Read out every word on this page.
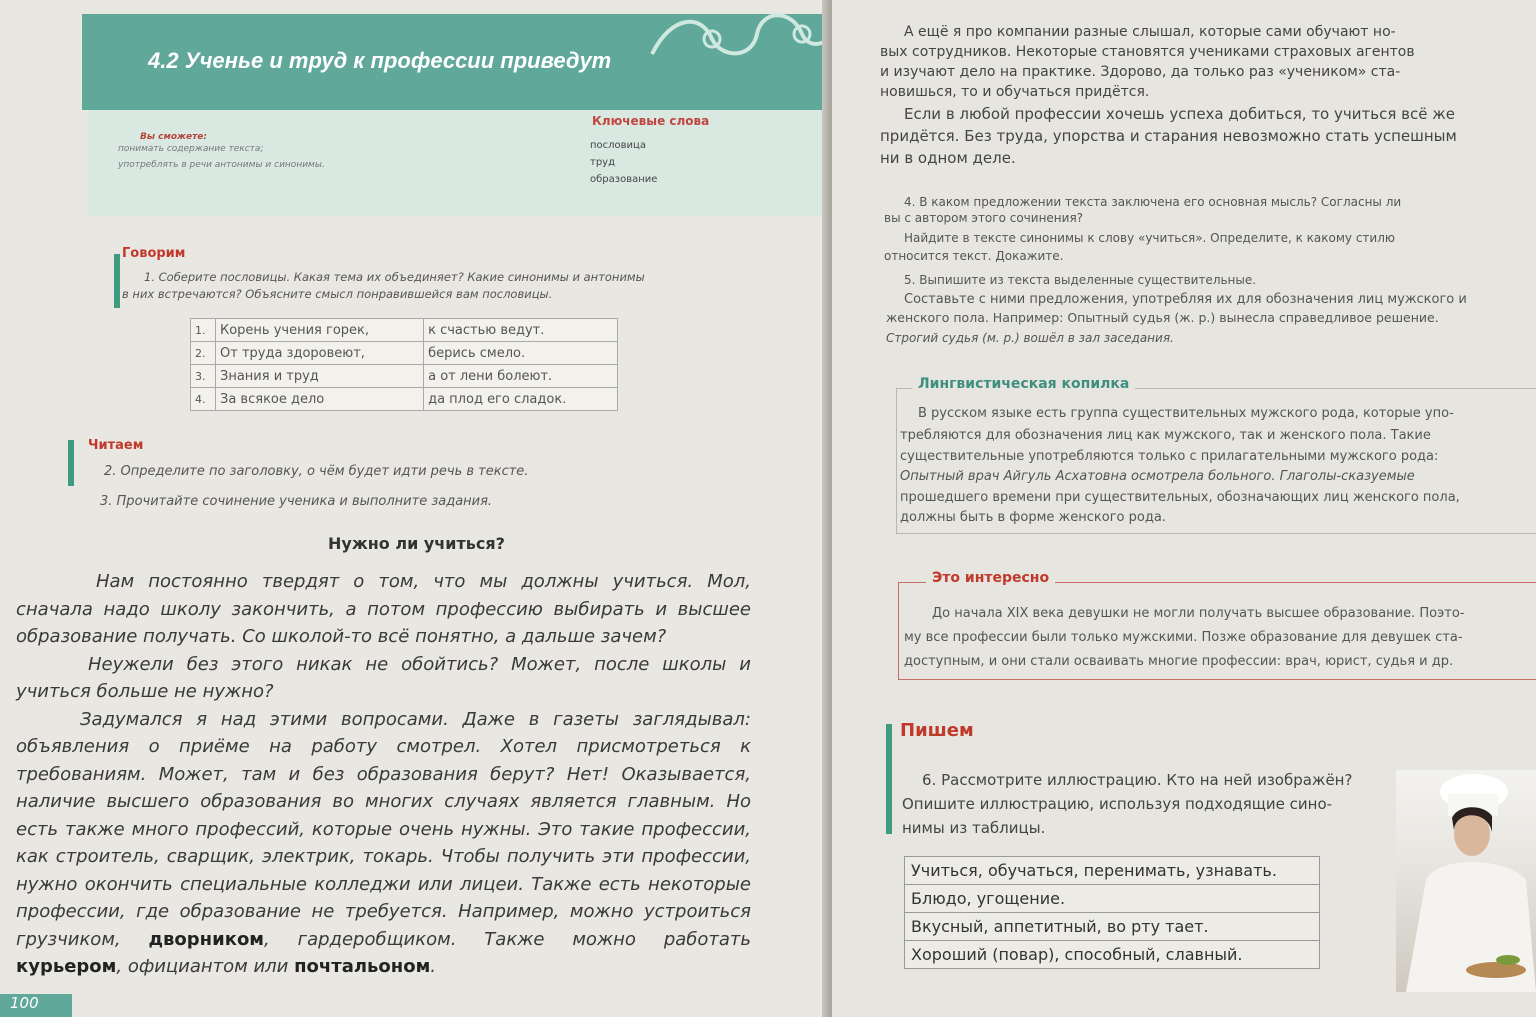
4.2 Ученье и труд к профессии приведут
Вы сможете:
понимать содержание текста;
употреблять в речи антонимы и синонимы.
Ключевые слова
пословица
труд
образование
Говорим
1. Соберите пословицы. Какая тема их объединяет? Какие синонимы и антонимы
в них встречаются? Объясните смысл понравившейся вам пословицы.
1.	Корень учения горек,	к счастью ведут.
2.	От труда здоровеют,	берись смело.
3.	Знания и труд	а от лени болеют.
4.	За всякое дело	да плод его сладок.
Читаем
2. Определите по заголовку, о чём будет идти речь в тексте.
3. Прочитайте сочинение ученика и выполните задания.
Нужно ли учиться?

Нам постоянно твердят о том, что мы должны учиться. Мол, сначала надо школу закончить, а потом профессию выбирать и высшее образование получать. Со школой-то всё понятно, а дальше зачем?

Неужели без этого никак не обойтись? Может, после школы и учиться больше не нужно?

Задумался я над этими вопросами. Даже в газеты заглядывал: объявления о приёме на работу смотрел. Хотел присмотреться к требованиям. Может, там и без образования берут? Нет! Оказывается, наличие высшего образования во многих случаях является главным. Но есть также много профессий, которые очень нужны. Это такие профессии, как строитель, сварщик, электрик, токарь. Чтобы получить эти профессии, нужно окончить специальные колледжи или лицеи. Также есть некоторые профессии, где образование не требуется. Например, можно устроиться грузчиком, дворником, гардеробщиком. Также можно работать курьером, официантом или почтальоном.

100
А ещё я про компании разные слышал, которые сами обучают но-
вых сотрудников. Некоторые становятся учениками страховых агентов
и изучают дело на практике. Здорово, да только раз «учеником» ста-
новишься, то и обучаться придётся.
Если в любой профессии хочешь успеха добиться, то учиться всё же
придётся. Без труда, упорства и старания невозможно стать успешным
ни в одном деле.
4. В каком предложении текста заключена его основная мысль? Согласны ли
вы с автором этого сочинения?
Найдите в тексте синонимы к слову «учиться». Определите, к какому стилю
относится текст. Докажите.
5. Выпишите из текста выделенные существительные.
Составьте с ними предложения, употребляя их для обозначения лиц мужского и
женского пола. Например: Опытный судья (ж. р.) вынесла справедливое решение.
Строгий судья (м. р.) вошёл в зал заседания.
Лингвистическая копилка
В русском языке есть группа существительных мужского рода, которые упо-
требляются для обозначения лиц как мужского, так и женского пола. Такие
существительные употребляются только с прилагательными мужского рода:
Опытный врач Айгуль Асхатовна осмотрела больного. Глаголы-сказуемые
прошедшего времени при существительных, обозначающих лиц женского пола,
должны быть в форме женского рода.
Это интересно
До начала XIX века девушки не могли получать высшее образование. Поэто-
му все профессии были только мужскими. Позже образование для девушек ста-
доступным, и они стали осваивать многие профессии: врач, юрист, судья и др.
Пишем
6. Рассмотрите иллюстрацию. Кто на ней изображён?
Опишите иллюстрацию, используя подходящие сино-
нимы из таблицы.
Учиться, обучаться, перенимать, узнавать.
Блюдо, угощение.
Вкусный, аппетитный, во рту тает.
Хороший (повар), способный, славный.
